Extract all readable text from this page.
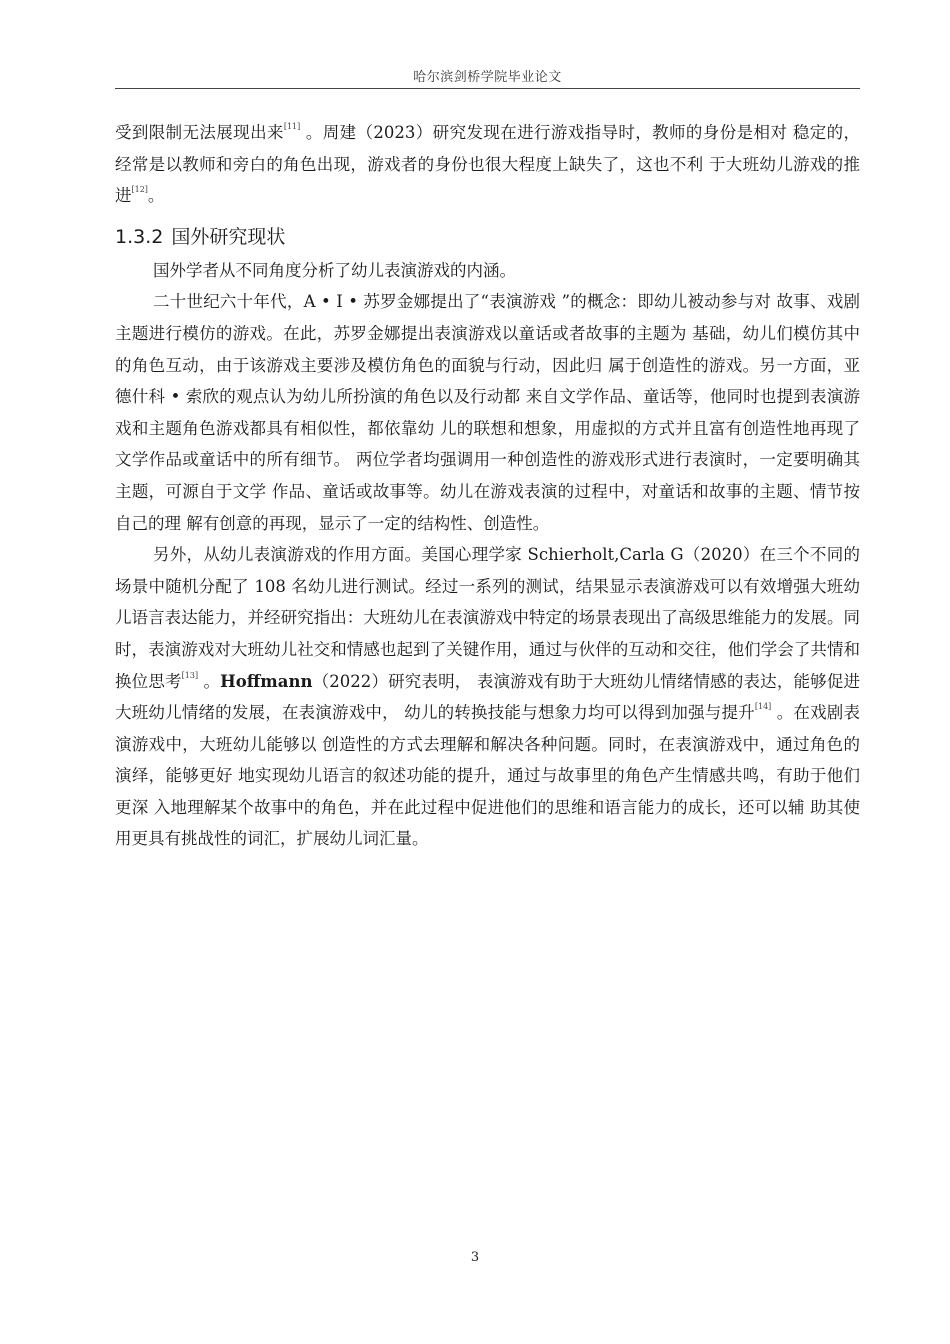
哈尔滨剑桥学院毕业论文

受到限制无法展现出来[11] 。周建（2023）研究发现在进行游戏指导时，教师的身份是相对 稳定的，经常是以教师和旁白的角色出现，游戏者的身份也很大程度上缺失了，这也不利 于大班幼儿游戏的推进[12]。

1.3.2 国外研究现状

国外学者从不同角度分析了幼儿表演游戏的内涵。

二十世纪六十年代，A • I • 苏罗金娜提出了“表演游戏 ”的概念：即幼儿被动参与对 故事、戏剧主题进行模仿的游戏。在此，苏罗金娜提出表演游戏以童话或者故事的主题为 基础，幼儿们模仿其中的角色互动，由于该游戏主要涉及模仿角色的面貌与行动，因此归 属于创造性的游戏。另一方面，亚德什科 • 索欣的观点认为幼儿所扮演的角色以及行动都 来自文学作品、童话等，他同时也提到表演游戏和主题角色游戏都具有相似性，都依靠幼 儿的联想和想象，用虚拟的方式并且富有创造性地再现了文学作品或童话中的所有细节。 两位学者均强调用一种创造性的游戏形式进行表演时，一定要明确其主题，可源自于文学 作品、童话或故事等。幼儿在游戏表演的过程中，对童话和故事的主题、情节按自己的理 解有创意的再现，显示了一定的结构性、创造性。

另外，从幼儿表演游戏的作用方面。美国心理学家 Schierholt,Carla G（2020）在三个不同的场景中随机分配了 108 名幼儿进行测试。经过一系列的测试，结果显示表演游戏可以有效增强大班幼儿语言表达能力，并经研究指出：大班幼儿在表演游戏中特定的场景表现出了高级思维能力的发展。同时，表演游戏对大班幼儿社交和情感也起到了关键作用，通过与伙伴的互动和交往，他们学会了共情和换位思考[13] 。Hoffmann（2022）研究表明， 表演游戏有助于大班幼儿情绪情感的表达，能够促进大班幼儿情绪的发展，在表演游戏中， 幼儿的转换技能与想象力均可以得到加强与提升[14] 。在戏剧表演游戏中，大班幼儿能够以 创造性的方式去理解和解决各种问题。同时，在表演游戏中，通过角色的演绎，能够更好 地实现幼儿语言的叙述功能的提升，通过与故事里的角色产生情感共鸣，有助于他们更深 入地理解某个故事中的角色，并在此过程中促进他们的思维和语言能力的成长，还可以辅 助其使用更具有挑战性的词汇，扩展幼儿词汇量。

3
